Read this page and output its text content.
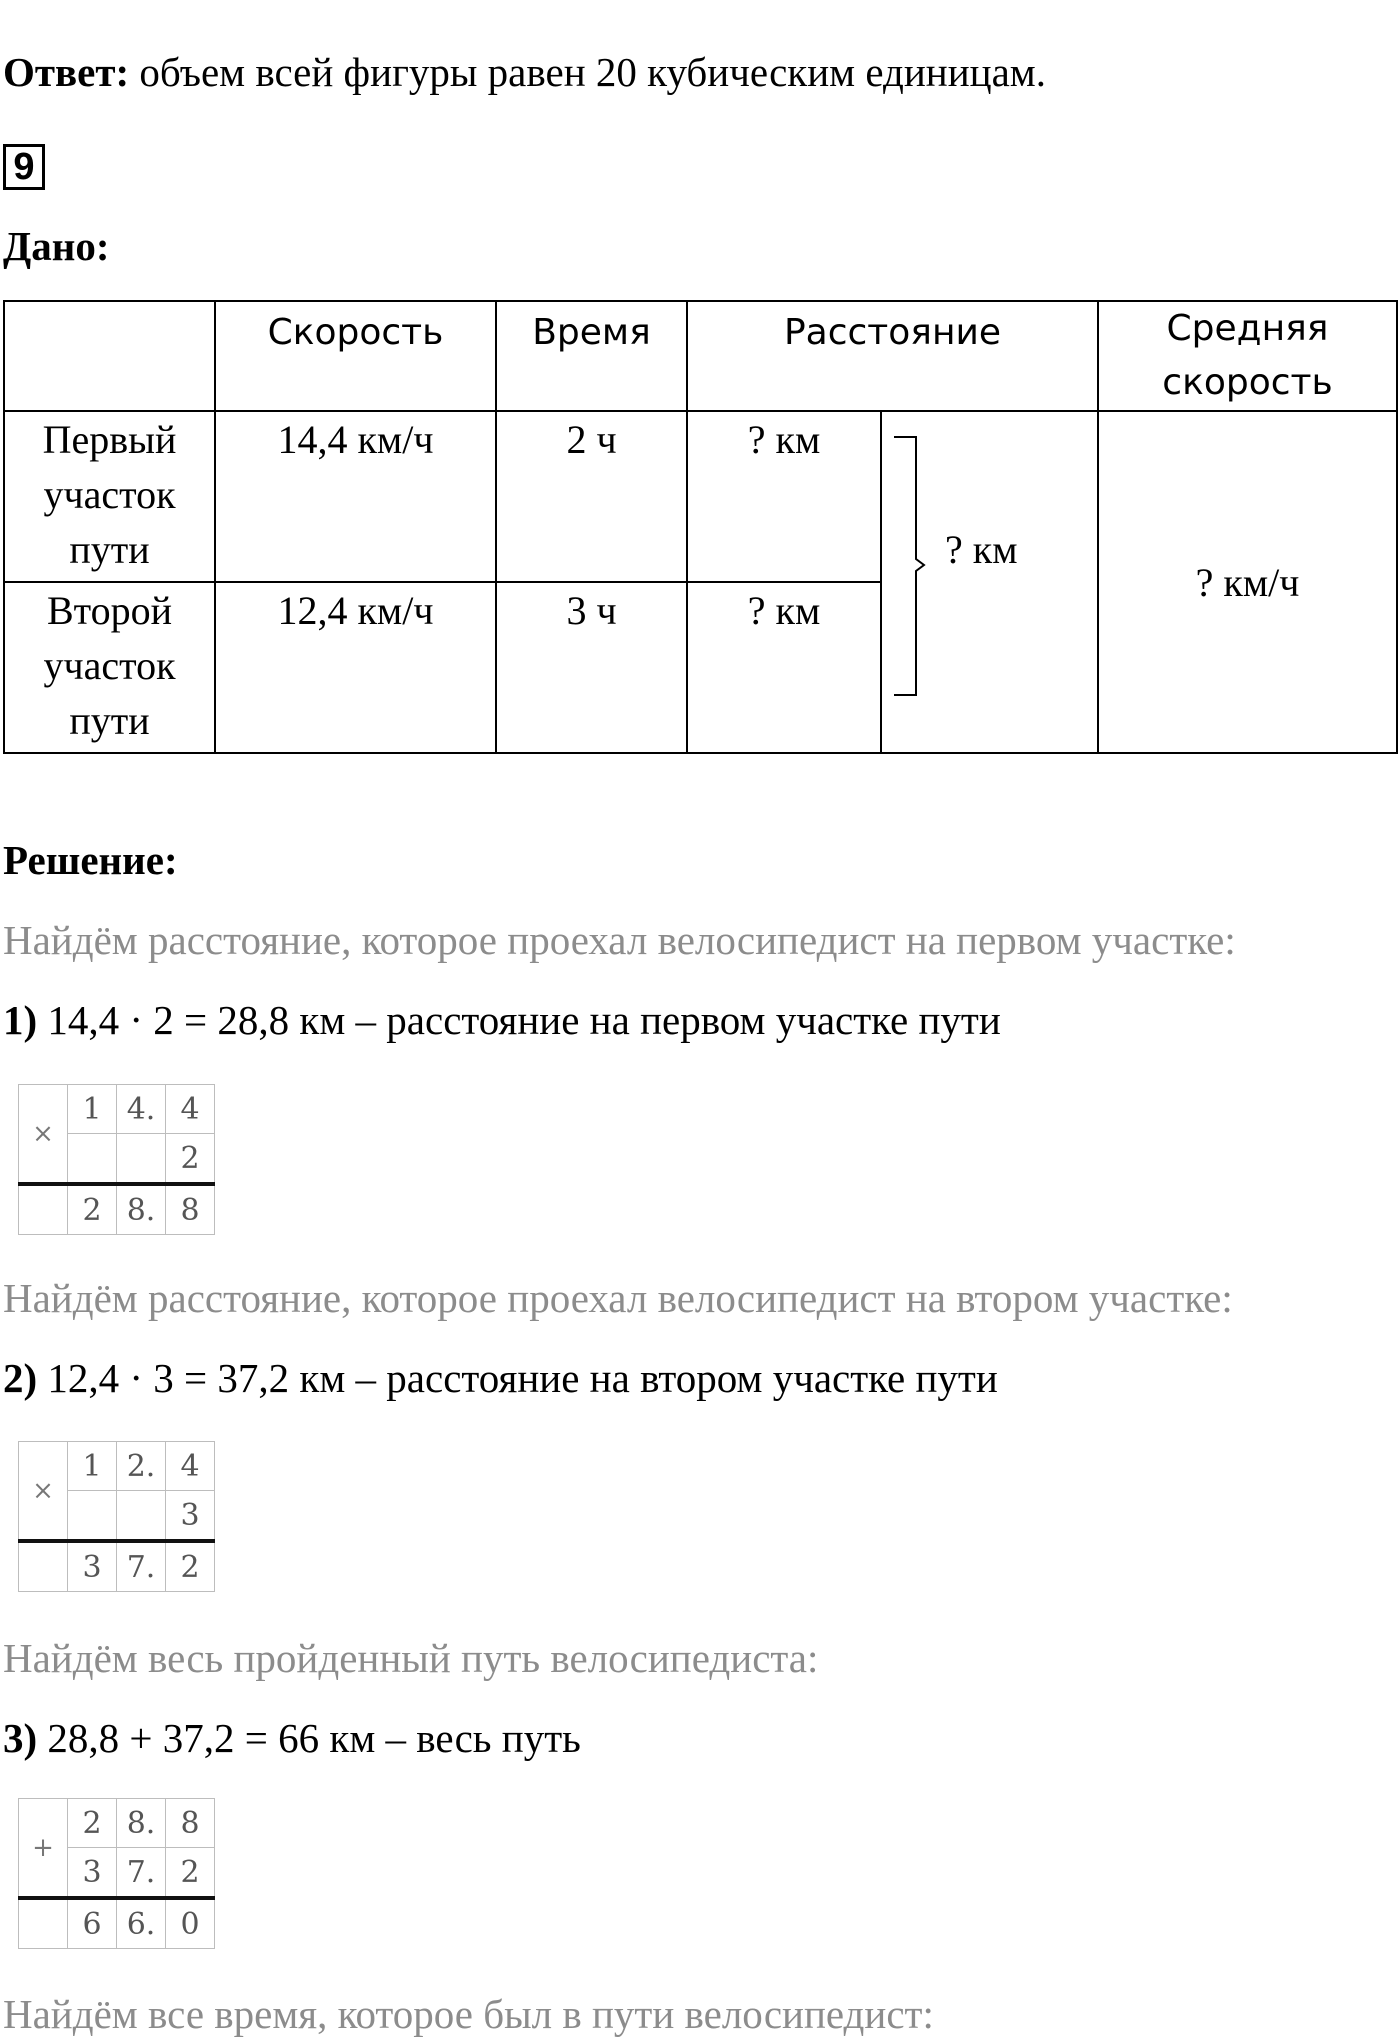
Ответ: объем всей фигуры равен 20 кубическим единицам.
9
Дано:
	Скорость	Время	Расстояние		Средняя скорость

Первый
участок
пути	14,4 км/ч	2 ч	? км		? км/ч

Второй
участок
пути	12,4 км/ч	3 ч	? км		
? км
Решение:
Найдём расстояние, которое проехал велосипедист на первом участке:
1) 14,4 · 2 = 28,8 км – расстояние на первом участке пути
×	1	4.	4
			2
	2	8.	8
Найдём расстояние, которое проехал велосипедист на втором участке:
2) 12,4 · 3 = 37,2 км – расстояние на втором участке пути
×	1	2.	4
			3
	3	7.	2
Найдём весь пройденный путь велосипедиста:
3) 28,8 + 37,2 = 66 км – весь путь
+	2	8.	8
	3	7.	2
	6	6.	0
Найдём все время, которое был в пути велосипедист:
